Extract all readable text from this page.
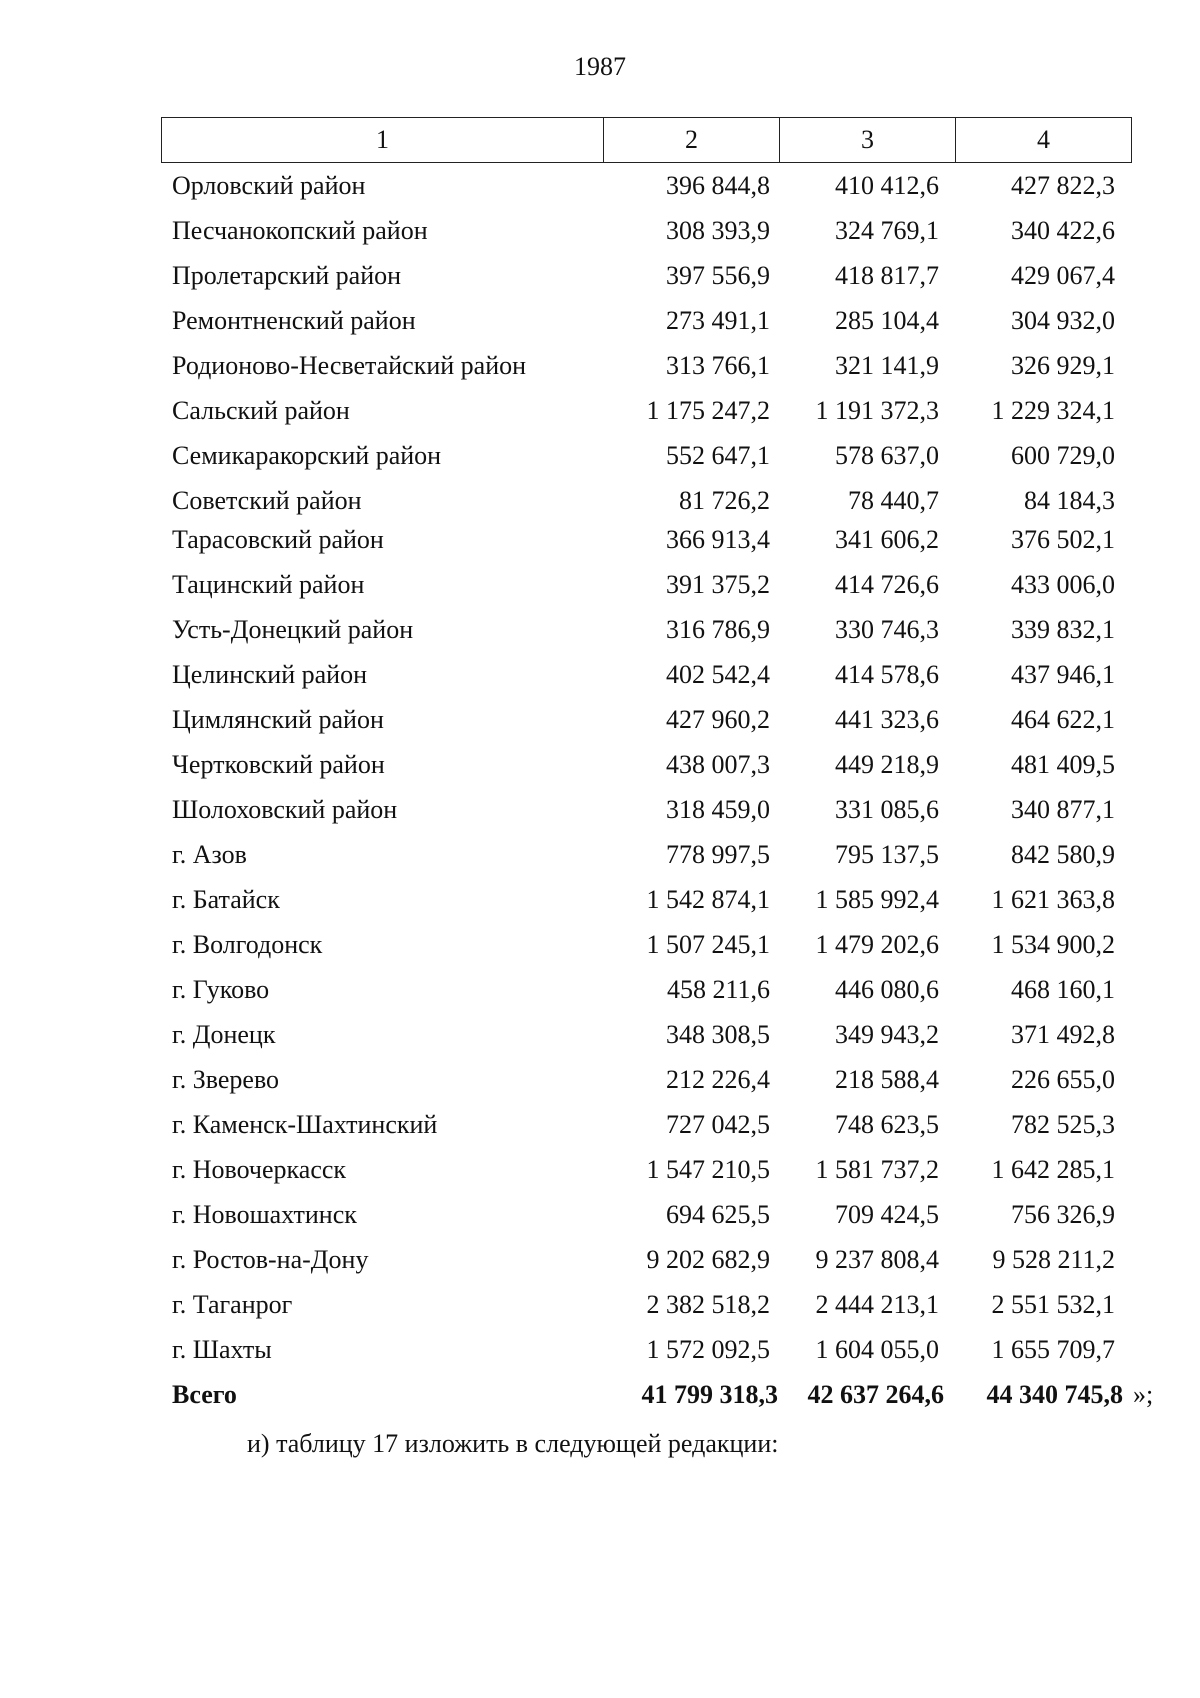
1987
1	2	3	4
Орловский район	396 844,8	410 412,6	427 822,3
Песчанокопский район	308 393,9	324 769,1	340 422,6
Пролетарский район	397 556,9	418 817,7	429 067,4
Ремонтненский район	273 491,1	285 104,4	304 932,0
Родионово-Несветайский район	313 766,1	321 141,9	326 929,1
Сальский район	1 175 247,2	1 191 372,3	1 229 324,1
Семикаракорский район	552 647,1	578 637,0	600 729,0
Советский район	81 726,2	78 440,7	84 184,3
Тарасовский район	366 913,4	341 606,2	376 502,1
Тацинский район	391 375,2	414 726,6	433 006,0
Усть-Донецкий район	316 786,9	330 746,3	339 832,1
Целинский район	402 542,4	414 578,6	437 946,1
Цимлянский район	427 960,2	441 323,6	464 622,1
Чертковский район	438 007,3	449 218,9	481 409,5
Шолоховский район	318 459,0	331 085,6	340 877,1
г. Азов	778 997,5	795 137,5	842 580,9
г. Батайск	1 542 874,1	1 585 992,4	1 621 363,8
г. Волгодонск	1 507 245,1	1 479 202,6	1 534 900,2
г. Гуково	458 211,6	446 080,6	468 160,1
г. Донецк	348 308,5	349 943,2	371 492,8
г. Зверево	212 226,4	218 588,4	226 655,0
г. Каменск-Шахтинский	727 042,5	748 623,5	782 525,3
г. Новочеркасск	1 547 210,5	1 581 737,2	1 642 285,1
г. Новошахтинск	694 625,5	709 424,5	756 326,9
г. Ростов-на-Дону	9 202 682,9	9 237 808,4	9 528 211,2
г. Таганрог	2 382 518,2	2 444 213,1	2 551 532,1
г. Шахты	1 572 092,5	1 604 055,0	1 655 709,7
Всего	41 799 318,3	42 637 264,6	44 340 745,8 »;
и) таблицу 17 изложить в следующей редакции:
